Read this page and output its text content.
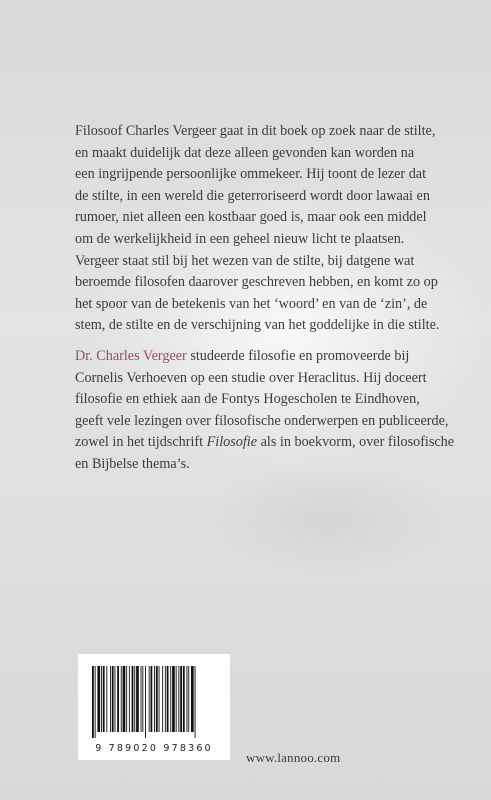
Filosoof Charles Vergeer gaat in dit boek op zoek naar de stilte,
en maakt duidelijk dat deze alleen gevonden kan worden na
een ingrijpende persoonlijke ommekeer. Hij toont de lezer dat
de stilte, in een wereld die geterroriseerd wordt door lawaai en
rumoer, niet alleen een kostbaar goed is, maar ook een middel
om de werkelijkheid in een geheel nieuw licht te plaatsen.
Vergeer staat stil bij het wezen van de stilte, bij datgene wat
beroemde filosofen daarover geschreven hebben, en komt zo op
het spoor van de betekenis van het ‘woord’ en van de ‘zin’, de
stem, de stilte en de verschijning van het goddelijke in die stilte.

Dr. Charles Vergeer studeerde filosofie en promoveerde bij
Cornelis Verhoeven op een studie over Heraclitus. Hij doceert
filosofie en ethiek aan de Fontys Hogescholen te Eindhoven,
geeft vele lezingen over filosofische onderwerpen en publiceerde,
zowel in het tijdschrift Filosofie als in boekvorm, over filosofische
en Bijbelse thema’s.

9 789020 978360
www.lannoo.com
